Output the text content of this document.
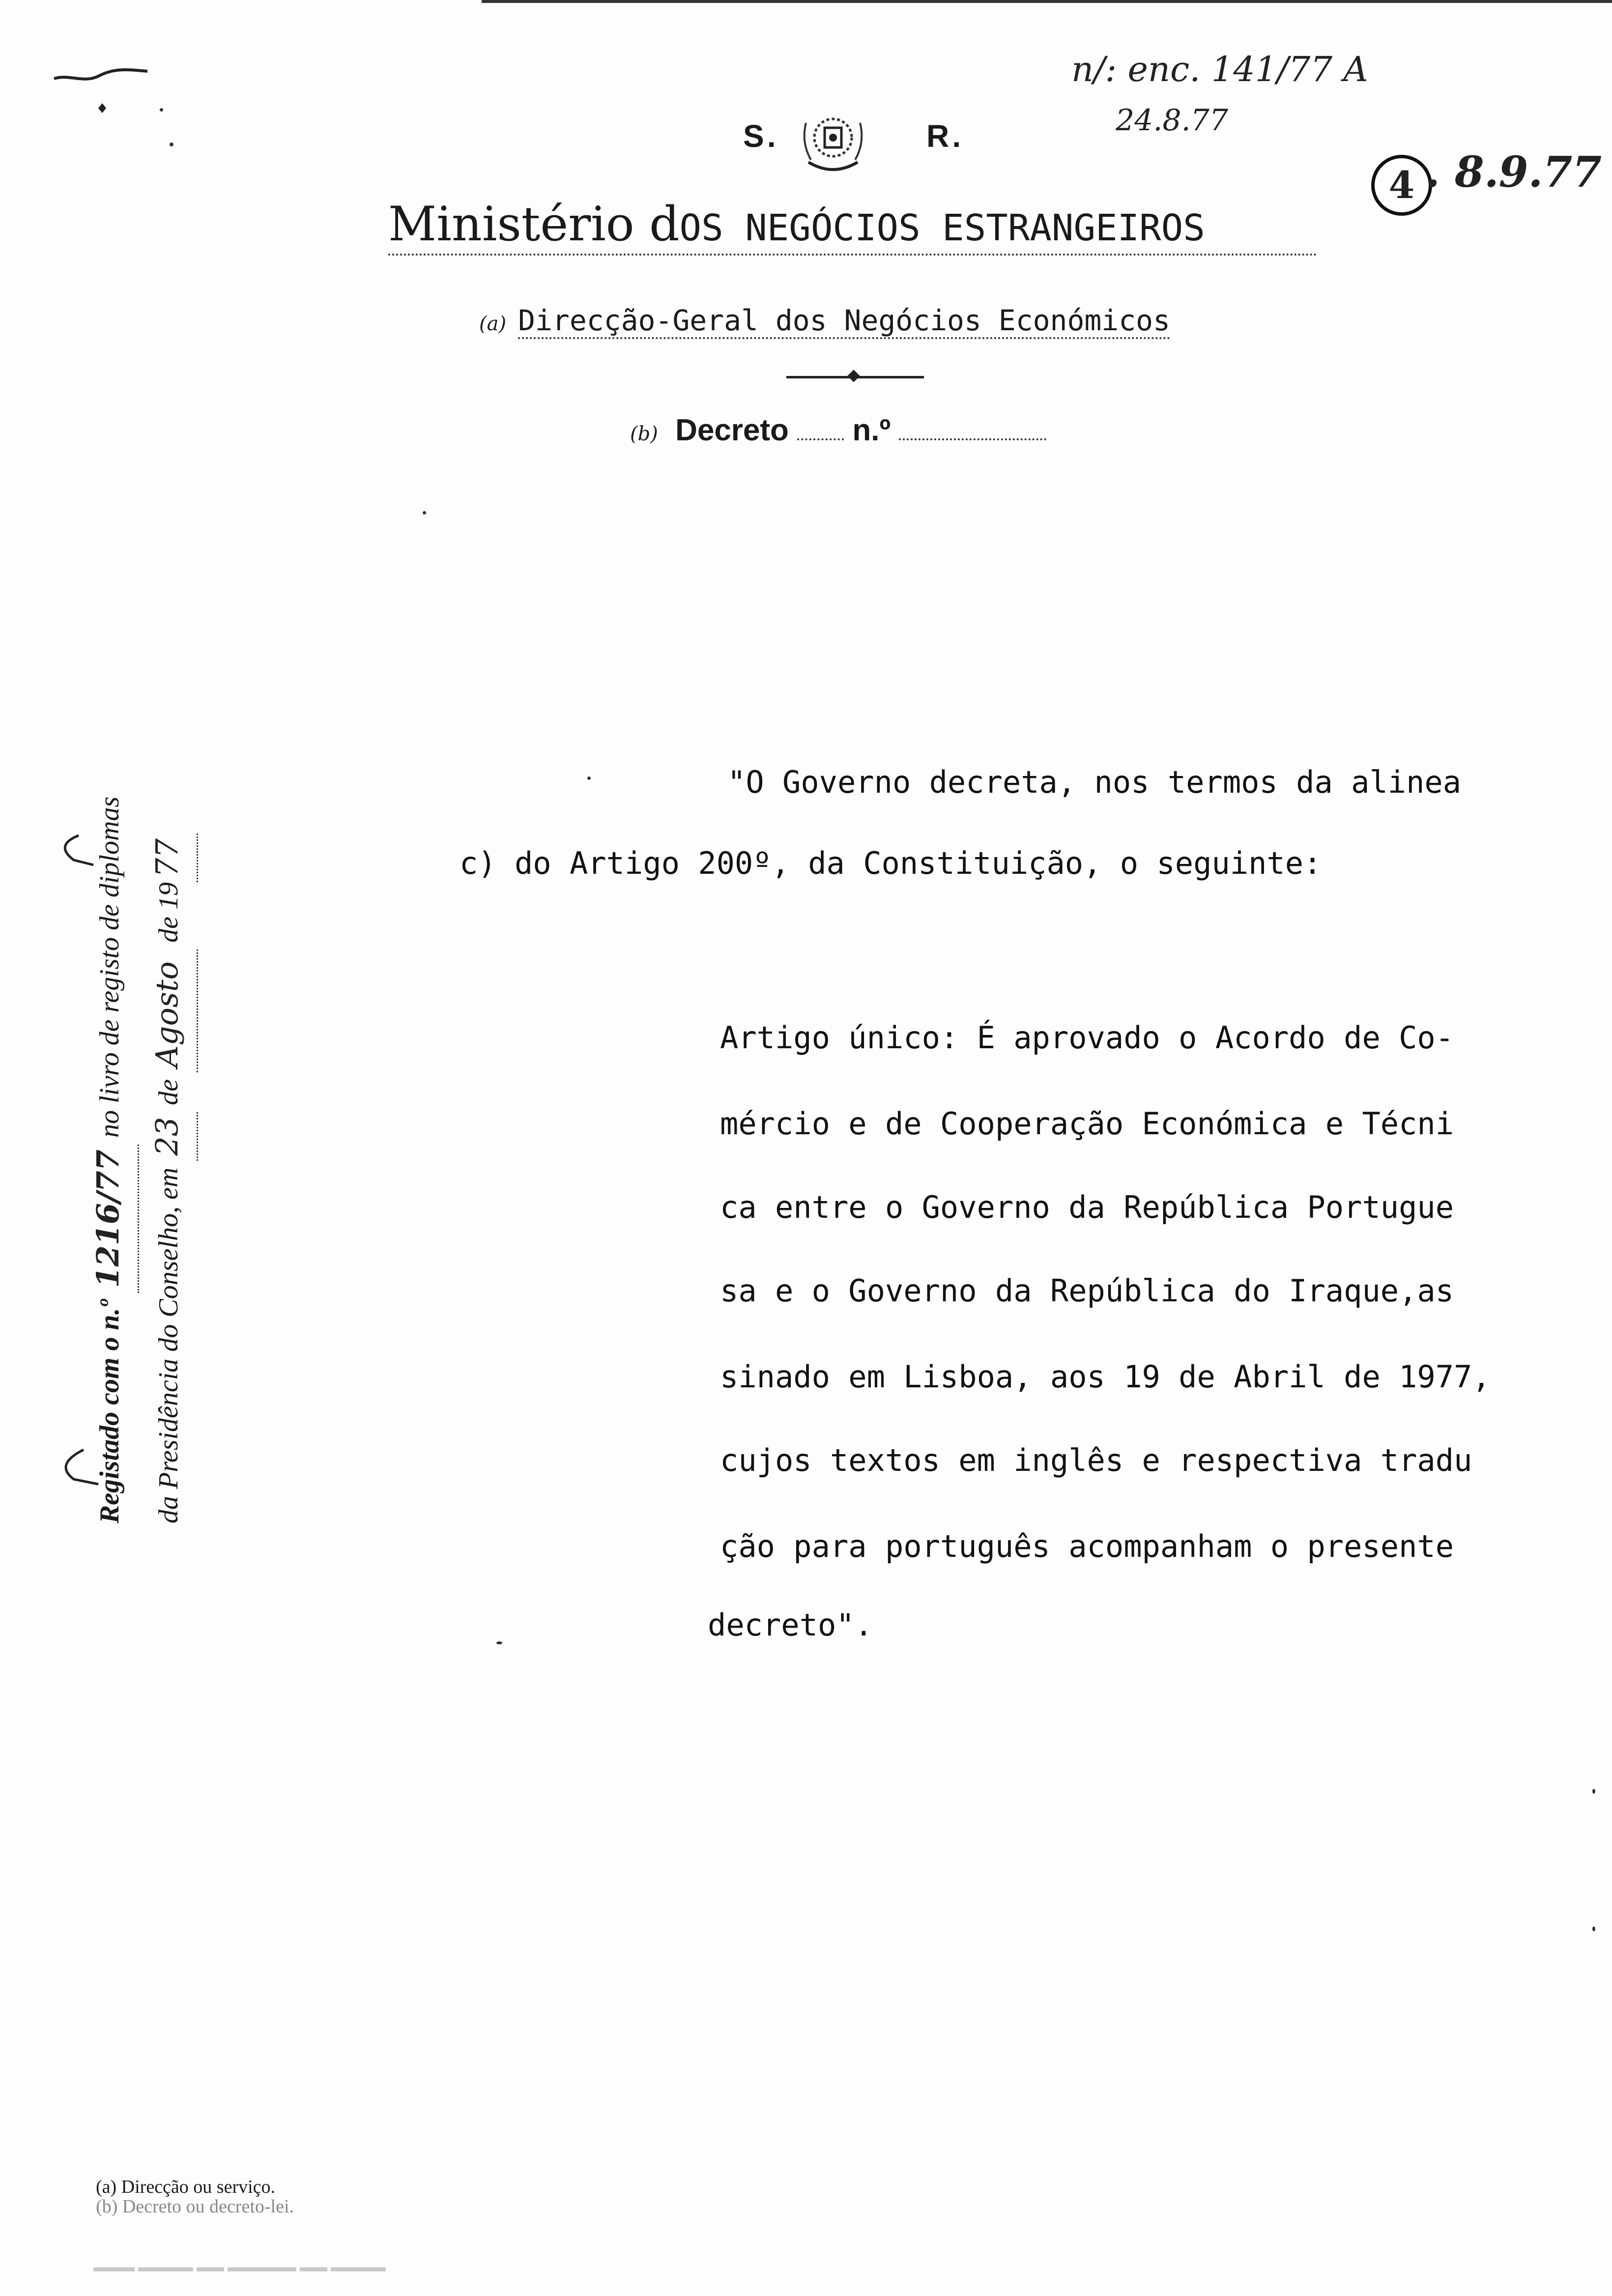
S.	R.
n/: enc. 141/77 A
24.8.77
4 . 8.9.77
Ministério dOS NEGÓCIOS ESTRANGEIROS
(a) Direcção-Geral dos Negócios Económicos
(b) Decreto n.º
"O Governo decreta, nos termos da alinea
c) do Artigo 200º, da Constituição, o seguinte:
Artigo único: É aprovado o Acordo de Co-
mércio e de Cooperação Económica e Técni
ca entre o Governo da República Portugue
sa e o Governo da República do Iraque,as
sinado em Lisboa, aos 19 de Abril de 1977,
cujos textos em inglês e respectiva tradu
ção para português acompanham o presente
decreto".
Registado com o n.º 1216/77 no livro de registo de diplomas
da Presidência do Conselho, em 23 de Agosto de 1977
(a) Direcção ou serviço.
(b) Decreto ou decreto-lei.
▬▬▬ ▬▬▬▬ ▬▬ ▬▬▬▬▬ ▬▬ ▬▬▬▬
